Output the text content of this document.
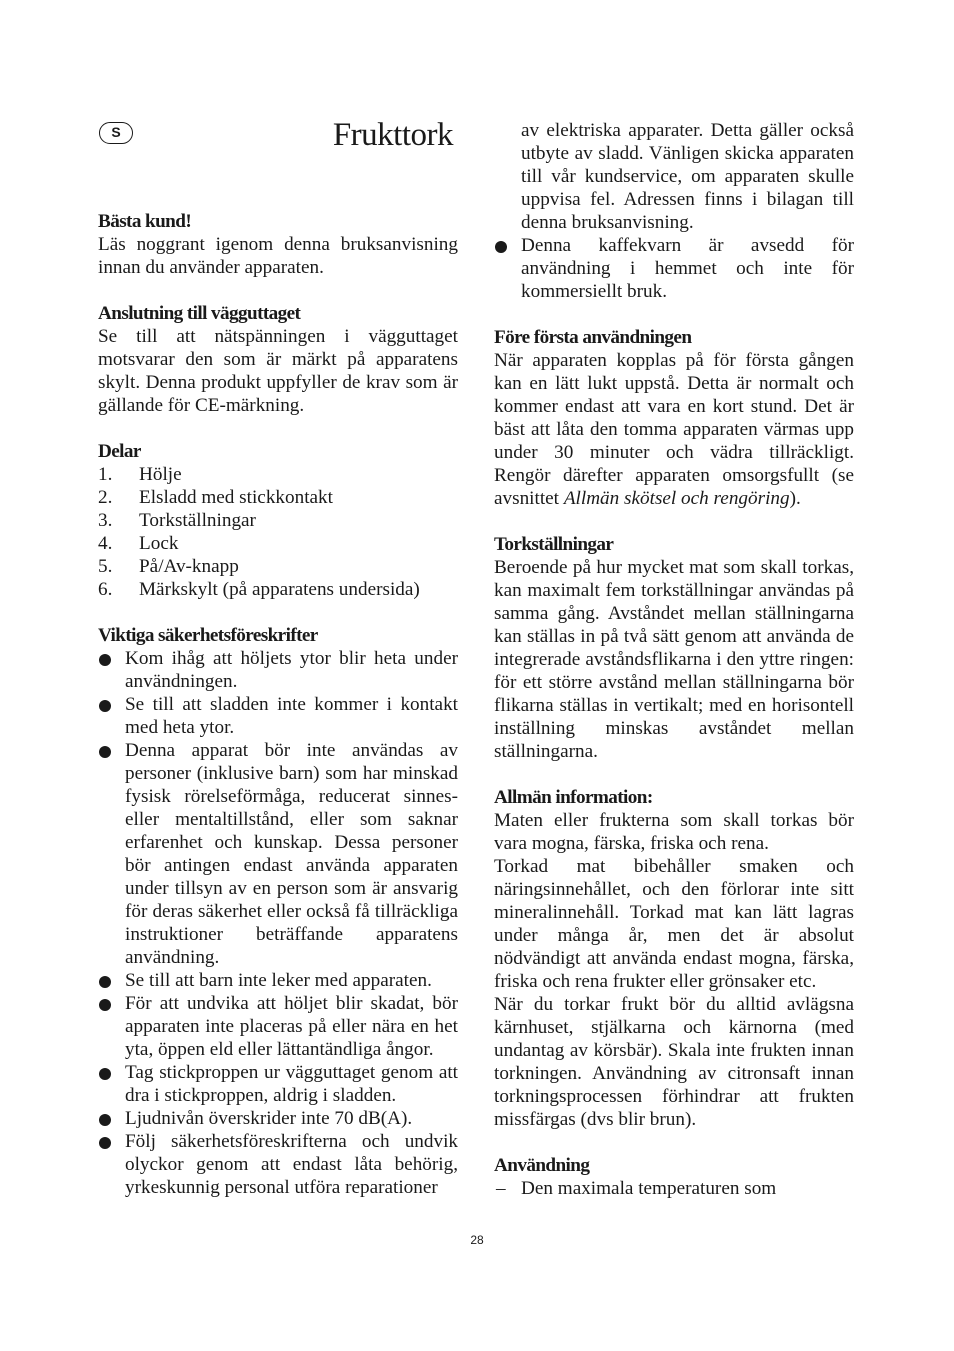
S	Frukttork

Bästa kund!

Läs noggrant igenom denna bruksanvisning innan du använder apparaten.

Anslutning till vägguttaget

Se till att nätspänningen i vägguttaget motsvarar den som är märkt på apparatens skylt. Denna produkt uppfyller de krav som är gällande för CE-märkning.

Delar

1. Hölje
2. Elsladd med stickkontakt
3. Torkställningar
4. Lock
5. På/Av-knapp
6. Märkskylt (på apparatens undersida)

Viktiga säkerhetsföreskrifter

Kom ihåg att höljets ytor blir heta under användningen.
Se till att sladden inte kommer i kontakt med heta ytor.
Denna apparat bör inte användas av personer (inklusive barn) som har minskad fysisk rörelseförmåga, reducerat sinnes- eller mentaltillstånd, eller som saknar erfarenhet och kunskap. Dessa personer bör antingen endast använda apparaten under tillsyn av en person som är ansvarig för deras säkerhet eller också få tillräckliga instruktioner beträffande apparatens användning.
Se till att barn inte leker med apparaten.
För att undvika att höljet blir skadat, bör apparaten inte placeras på eller nära en het yta, öppen eld eller lättantändliga ångor.
Tag stickproppen ur vägguttaget genom att dra i stickproppen, aldrig i sladden.
Ljudnivån överskrider inte 70 dB(A).
Följ säkerhetsföreskrifterna och undvik olyckor genom att endast låta behörig, yrkeskunnig personal utföra reparationer

av elektriska apparater. Detta gäller också utbyte av sladd. Vänligen skicka apparaten till vår kundservice, om apparaten skulle uppvisa fel. Adressen finns i bilagan till denna bruksanvisning.

Denna kaffekvarn är avsedd för användning i hemmet och inte för kommersiellt bruk.

Före första användningen

När apparaten kopplas på för första gången kan en lätt lukt uppstå. Detta är normalt och kommer endast att vara en kort stund. Det är bäst att låta den tomma apparaten värmas upp under 30 minuter och vädra tillräckligt. Rengör därefter apparaten omsorgsfullt (se avsnittet Allmän skötsel och rengöring).

Torkställningar

Beroende på hur mycket mat som skall torkas, kan maximalt fem torkställningar användas på samma gång. Avståndet mellan ställningarna kan ställas in på två sätt genom att använda de integrerade avståndsflikarna i den yttre ringen: för ett större avstånd mellan ställningarna bör flikarna ställas in vertikalt; med en horisontell inställning minskas avståndet mellan ställningarna.

Allmän information:

Maten eller frukterna som skall torkas bör vara mogna, färska, friska och rena.

Torkad mat bibehåller smaken och näringsinnehållet, och den förlorar inte sitt mineralinnehåll. Torkad mat kan lätt lagras under många år, men det är absolut nödvändigt att använda endast mogna, färska, friska och rena frukter eller grönsaker etc.

När du torkar frukt bör du alltid avlägsna kärnhuset, stjälkarna och kärnorna (med undantag av körsbär). Skala inte frukten innan torkningen. Användning av citronsaft innan torkningsprocessen förhindrar att frukten missfärgas (dvs blir brun).

Användning

– Den maximala temperaturen som

28
